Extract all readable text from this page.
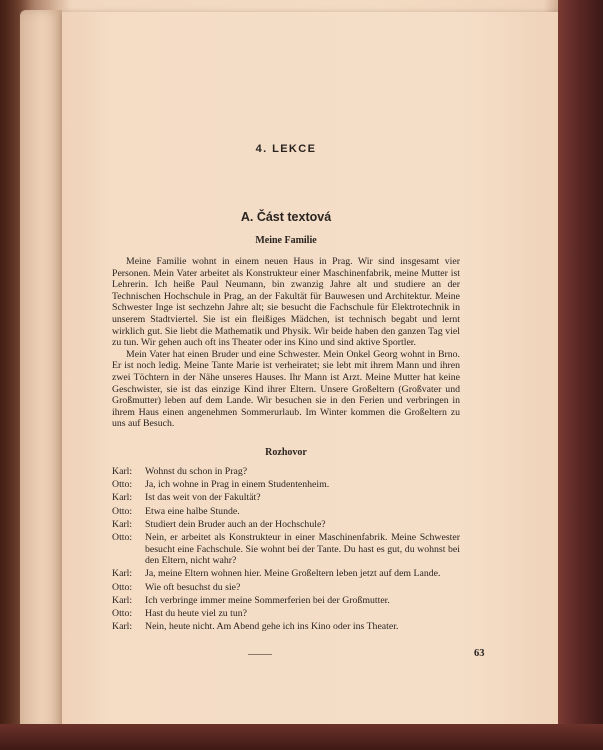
4. LEKCE
A. Část textová
Meine Familie

Meine Familie wohnt in einem neuen Haus in Prag. Wir sind insgesamt vier Personen. Mein Vater arbeitet als Konstrukteur einer Maschinenfabrik, meine Mutter ist Lehrerin. Ich heiße Paul Neumann, bin zwanzig Jahre alt und studiere an der Technischen Hochschule in Prag, an der Fakultät für Bauwesen und Architektur. Meine Schwester Inge ist sechzehn Jahre alt; sie besucht die Fachschule für Elektrotechnik in unserem Stadtviertel. Sie ist ein fleißiges Mädchen, ist technisch begabt und lernt wirklich gut. Sie liebt die Mathematik und Physik. Wir beide haben den ganzen Tag viel zu tun. Wir gehen auch oft ins Theater oder ins Kino und sind aktive Sportler.

Mein Vater hat einen Bruder und eine Schwester. Mein Onkel Georg wohnt in Brno. Er ist noch ledig. Meine Tante Marie ist verheiratet; sie lebt mit ihrem Mann und ihren zwei Töchtern in der Nähe unseres Hauses. Ihr Mann ist Arzt. Meine Mutter hat keine Geschwister, sie ist das einzige Kind ihrer Eltern. Unsere Großeltern (Großvater und Großmutter) leben auf dem Lande. Wir besuchen sie in den Ferien und verbringen in ihrem Haus einen angenehmen Sommerurlaub. Im Winter kommen die Großeltern zu uns auf Besuch.

Rozhovor
Karl:	Wohnst du schon in Prag?
Otto:	Ja, ich wohne in Prag in einem Studentenheim.
Karl:	Ist das weit von der Fakultät?
Otto:	Etwa eine halbe Stunde.
Karl:	Studiert dein Bruder auch an der Hochschule?
Otto:	Nein, er arbeitet als Konstrukteur in einer Maschinenfabrik. Meine Schwester besucht eine Fachschule. Sie wohnt bei der Tante. Du hast es gut, du wohnst bei den Eltern, nicht wahr?
Karl:	Ja, meine Eltern wohnen hier. Meine Großeltern leben jetzt auf dem Lande.
Otto:	Wie oft besuchst du sie?
Karl:	Ich verbringe immer meine Sommerferien bei der Großmutter.
Otto:	Hast du heute viel zu tun?
Karl:	Nein, heute nicht. Am Abend gehe ich ins Kino oder ins Theater.
63
